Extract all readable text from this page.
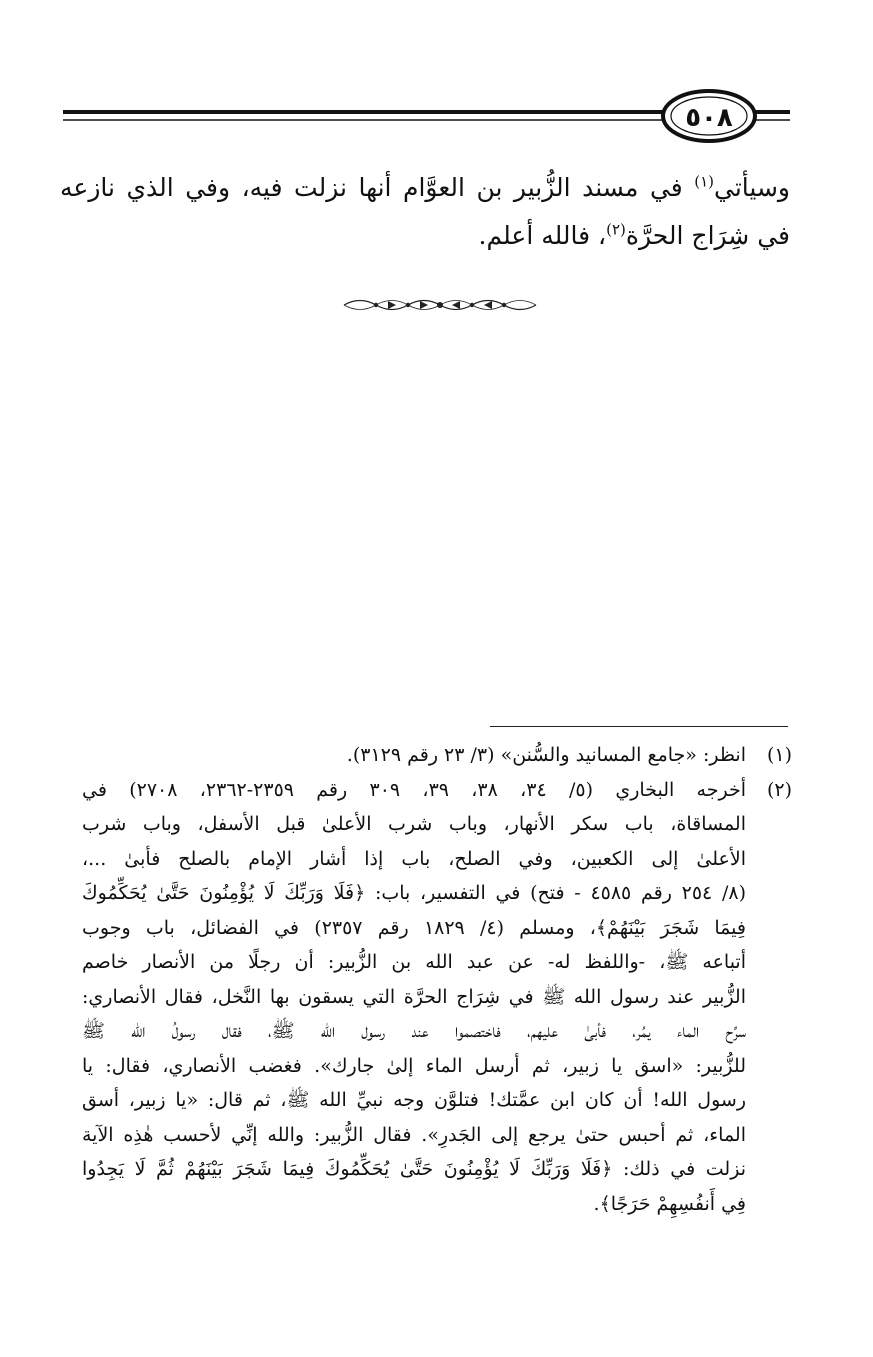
٥٠٨
وسيأتي$^{(١)}$ في مسند الزُّبير بن العوَّام أنها نزلت فيه، وفي الذي نازعه في شِرَاج الحرَّة$^{(٢)}$، فالله أعلم.
(١)
انظر: «جامع المسانيد والسُّنن» (٣/ ٢٣ رقم ٣١٢٩).
(٢)
أخرجه البخاري (٥/ ٣٤، ٣٨، ٣٩، ٣٠٩ رقم ٢٣٥٩-٢٣٦٢، ٢٧٠٨) في
المساقاة، باب سكر الأنهار، وباب شرب الأعلىٰ قبل الأسفل، وباب شرب
الأعلىٰ إلى الكعبين، وفي الصلح، باب إذا أشار الإمام بالصلح فأبىٰ ...،
(٨/ ٢٥٤ رقم ٤٥٨٥ - فتح) في التفسير، باب: ﴿فَلَا وَرَبِّكَ لَا يُؤْمِنُونَ حَتَّىٰ يُحَكِّمُوكَ
فِيمَا شَجَرَ بَيْنَهُمْ﴾، ومسلم (٤/ ١٨٢٩ رقم ٢٣٥٧) في الفضائل، باب وجوب
أتباعه ﷺ، -واللفظ له- عن عبد الله بن الزُّبير: أن رجلًا من الأنصار خاصم
الزُّبير عند رسول الله ﷺ في شِرَاج الحرَّة التي يسقون بها النَّخل، فقال الأنصاري:
سرِّح الماء يمُر، فأبىٰ عليهم، فاختصموا عند رسول الله ﷺ، فقال رسولُ الله ﷺ
للزُّبير: «اسق يا زبير، ثم أرسل الماء إلىٰ جارك». فغضب الأنصاري، فقال: يا
رسول الله! أن كان ابن عمَّتك! فتلوَّن وجه نبيِّ الله ﷺ، ثم قال: «يا زبير، أسق
الماء، ثم أحبس حتىٰ يرجع إلى الجَدرِ». فقال الزُّبير: والله إنِّي لأحسب هٰذِه الآية
نزلت في ذلك: ﴿فَلَا وَرَبِّكَ لَا يُؤْمِنُونَ حَتَّىٰ يُحَكِّمُوكَ فِيمَا شَجَرَ بَيْنَهُمْ ثُمَّ لَا يَجِدُوا
فِي أَنفُسِهِمْ حَرَجًا﴾.
